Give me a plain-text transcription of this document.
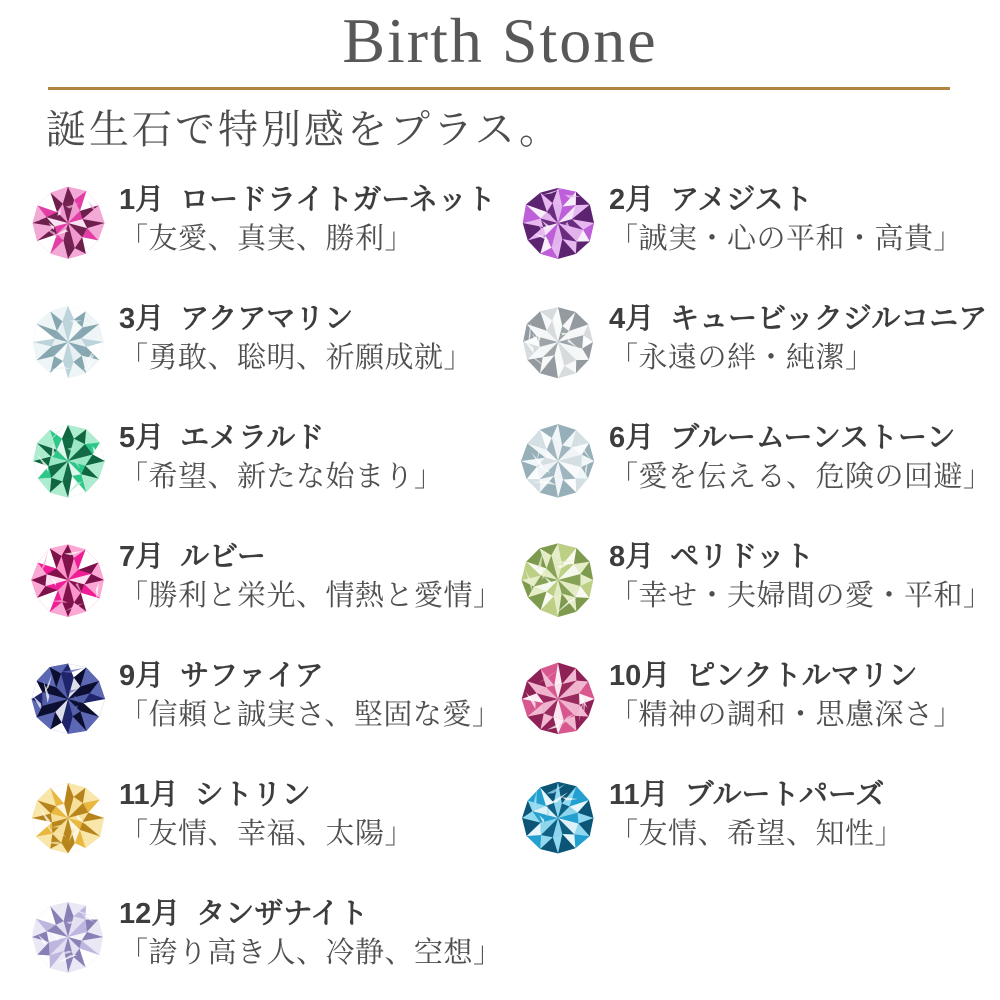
Birth Stone
誕生石で特別感をプラス。
1月 ロードライトガーネット
「友愛、真実、勝利」
2月 アメジスト
「誠実・心の平和・高貴」
3月 アクアマリン
「勇敢、聡明、祈願成就」
4月 キュービックジルコニア
「永遠の絆・純潔」
5月 エメラルド
「希望、新たな始まり」
6月 ブルームーンストーン
「愛を伝える、危険の回避」
7月 ルビー
「勝利と栄光、情熱と愛情」
8月 ペリドット
「幸せ・夫婦間の愛・平和」
9月 サファイア
「信頼と誠実さ、堅固な愛」
10月 ピンクトルマリン
「精神の調和・思慮深さ」
11月 シトリン
「友情、幸福、太陽」
11月 ブルートパーズ
「友情、希望、知性」
12月 タンザナイト
「誇り高き人、冷静、空想」
